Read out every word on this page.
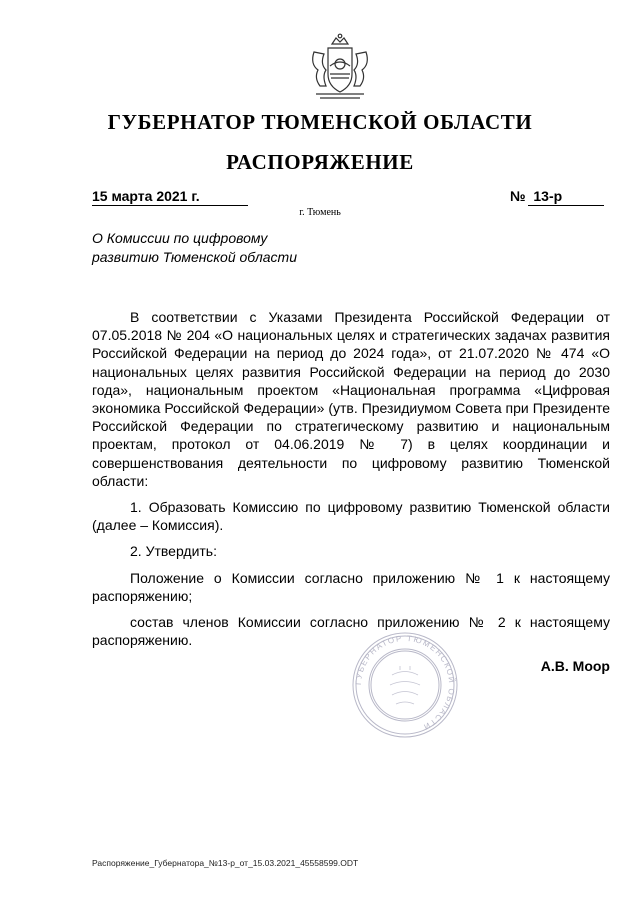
ГУБЕРНАТОР ТЮМЕНСКОЙ ОБЛАСТИ
РАСПОРЯЖЕНИЕ
15 марта 2021 г.	№ 13-р
г. Тюмень
О Комиссии по цифровому
развитию Тюменской области

В соответствии с Указами Президента Российской Федерации от 07.05.2018 № 204 «О национальных целях и стратегических задачах развития Российской Федерации на период до 2024 года», от 21.07.2020 № 474 «О национальных целях развития Российской Федерации на период до 2030 года», национальным проектом «Национальная программа «Цифровая экономика Российской Федерации» (утв. Президиумом Совета при Президенте Российской Федерации по стратегическому развитию и национальным проектам, протокол от 04.06.2019 № 7) в целях координации и совершенствования деятельности по цифровому развитию Тюменской области:

1. Образовать Комиссию по цифровому развитию Тюменской области (далее – Комиссия).

2. Утвердить:

Положение о Комиссии согласно приложению № 1 к настоящему распоряжению;

состав членов Комиссии согласно приложению № 2 к настоящему распоряжению.

ГУБЕРНАТОР ТЮМЕНСКОЙ ОБЛАСТИ
А.В. Моор
Распоряжение_Губернатора_№13-р_от_15.03.2021_45558599.ODT
